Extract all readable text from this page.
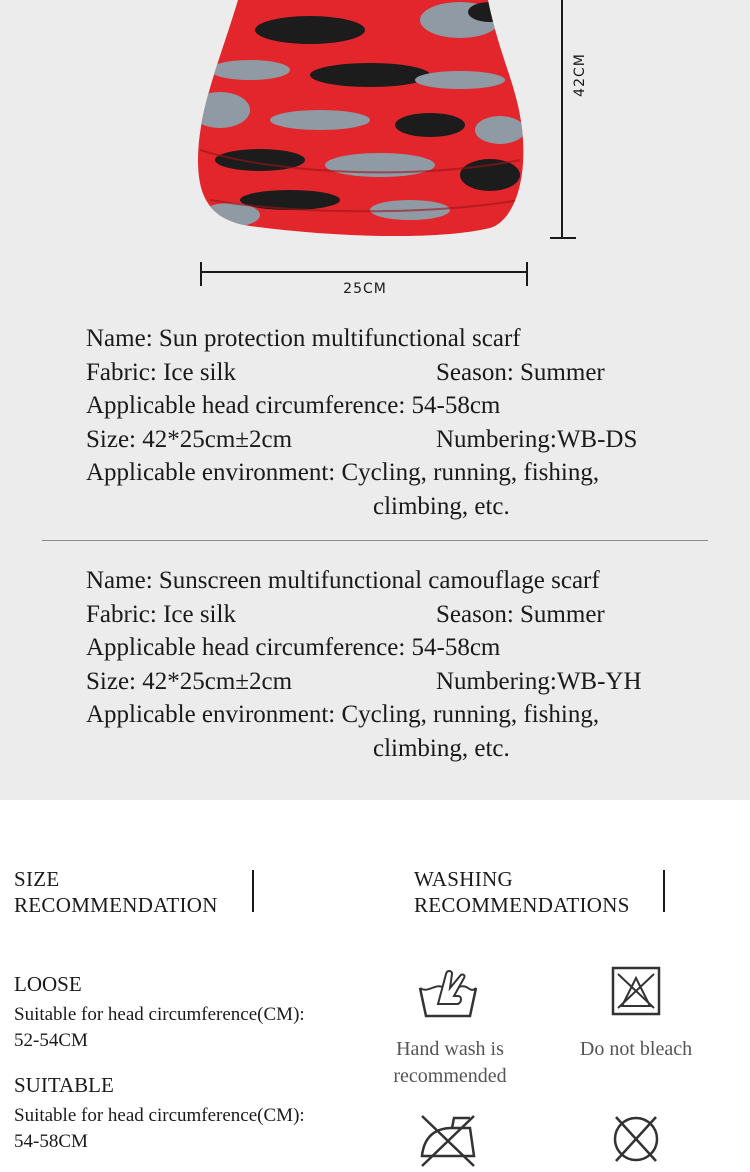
42CM
25CM
Name: Sun protection multifunctional scarf
Fabric: Ice silk	Season: Summer
Applicable head circumference: 54-58cm
Size: 42*25cm±2cm	Numbering:WB-DS
Applicable environment: Cycling, running, fishing,
climbing, etc.
Name: Sunscreen multifunctional camouflage scarf
Fabric: Ice silk	Season: Summer
Applicable head circumference: 54-58cm
Size: 42*25cm±2cm	Numbering:WB-YH
Applicable environment: Cycling, running, fishing,
climbing, etc.
SIZE
RECOMMENDATION
LOOSE
Suitable for head circumference(CM):
52-54CM
SUITABLE
Suitable for head circumference(CM):
54-58CM
WASHING
RECOMMENDATIONS
Hand wash is
recommended
Do not bleach
